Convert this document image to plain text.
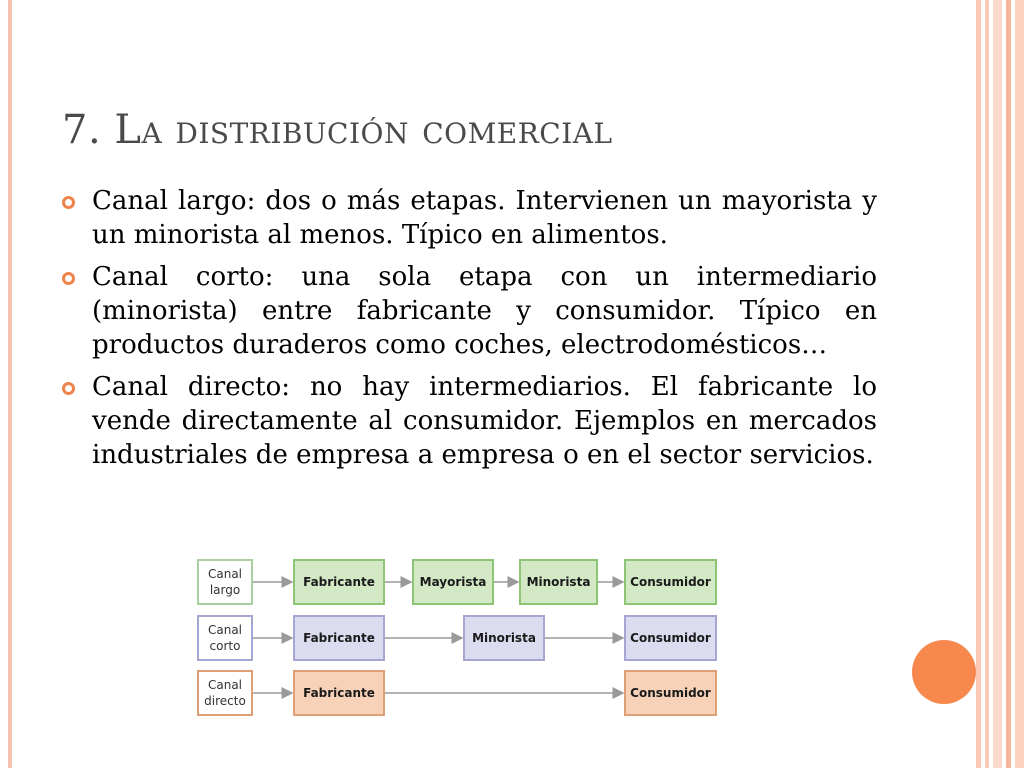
7. La distribución comercial
Canal largo: dos o más etapas. Intervienen un mayorista y un minorista al menos. Típico en alimentos.
Canal corto: una sola etapa con un intermediario (minorista) entre fabricante y consumidor. Típico en productos duraderos como coches, electrodomésticos…
Canal directo: no hay intermediarios. El fabricante lo vende directamente al consumidor. Ejemplos en mercados industriales de empresa a empresa o en el sector servicios.
Canal
largo
Fabricante	Mayorista	Minorista	Consumidor
Canal
corto
Fabricante	Minorista	Consumidor
Canal
directo
Fabricante	Consumidor
